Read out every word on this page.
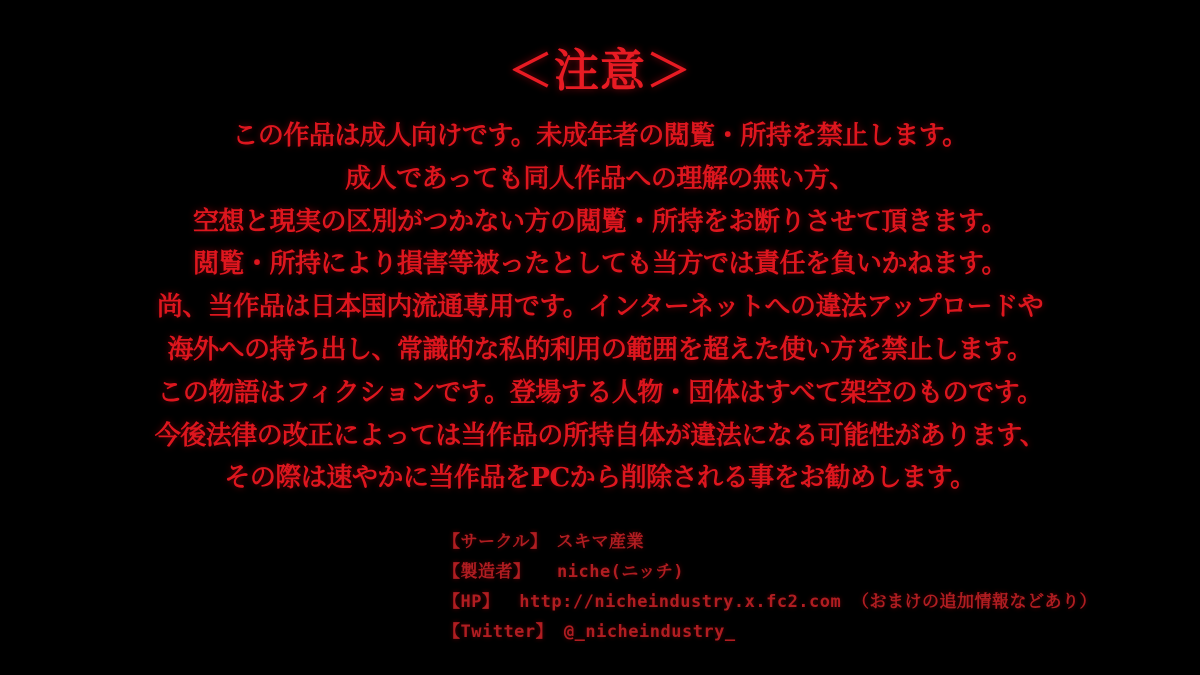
＜注意＞
この作品は成人向けです。未成年者の閲覧・所持を禁止します。
成人であっても同人作品への理解の無い方、
空想と現実の区別がつかない方の閲覧・所持をお断りさせて頂きます。
閲覧・所持により損害等被ったとしても当方では責任を負いかねます。
尚、当作品は日本国内流通専用です。インターネットへの違法アップロードや
海外への持ち出し、常識的な私的利用の範囲を超えた使い方を禁止します。
この物語はフィクションです。登場する人物・団体はすべて架空のものです。
今後法律の改正によっては当作品の所持自体が違法になる可能性があります、
その際は速やかに当作品をPCから削除される事をお勧めします。
【サークル】　スキマ産業
【製造者】　　niche(ニッチ)
【HP】　 http://nicheindustry.x.fc2.com （おまけの追加情報などあり）
【Twitter】 @_nicheindustry_
